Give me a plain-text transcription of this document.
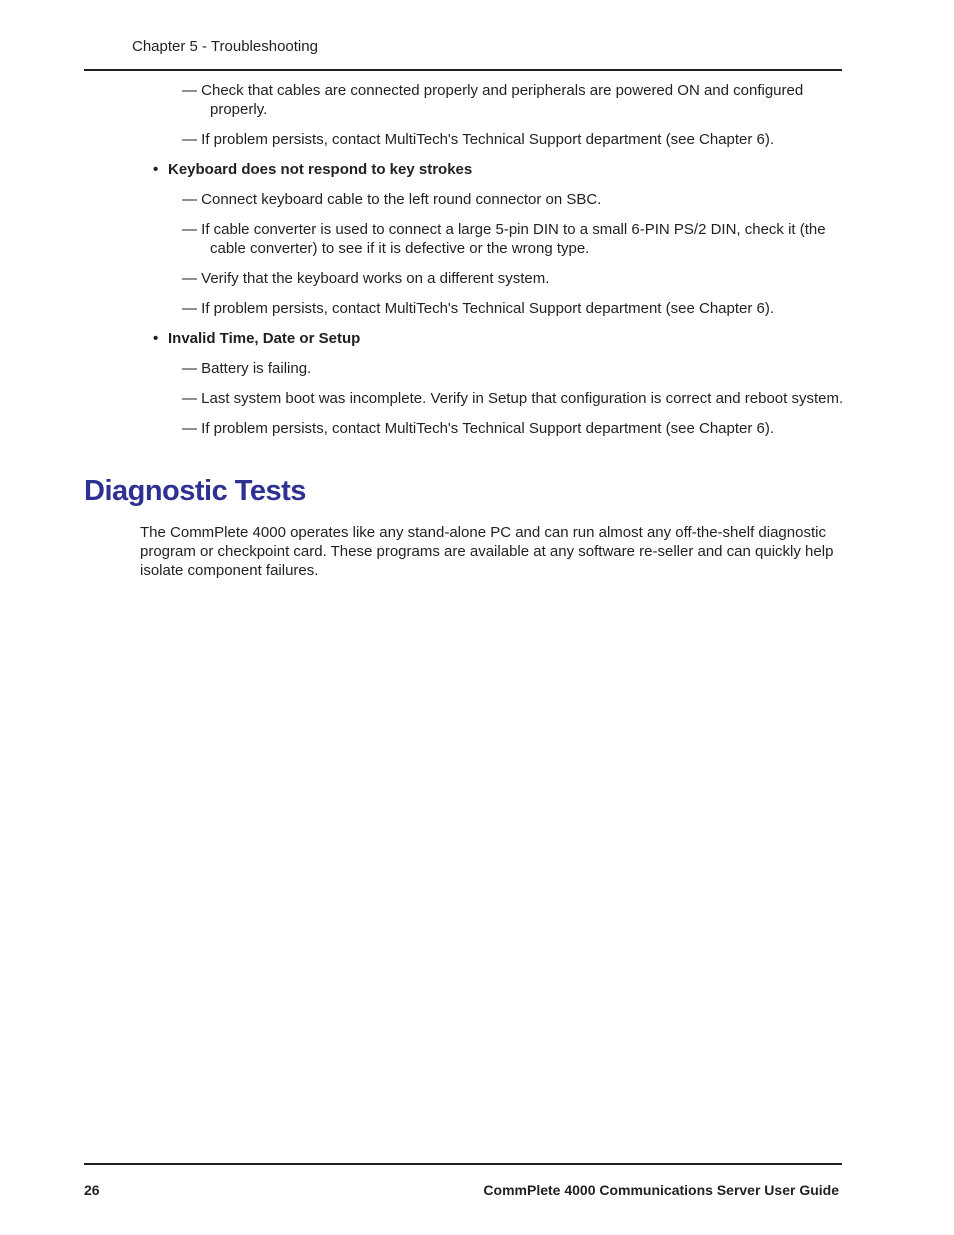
Chapter 5 - Troubleshooting
— Check that cables are connected properly and peripherals are powered ON and configured properly.
— If problem persists, contact MultiTech's Technical Support department (see Chapter 6).
• Keyboard does not respond to key strokes
— Connect keyboard cable to the left round connector on SBC.
— If cable converter is used to connect a large 5-pin DIN to a small 6-PIN PS/2 DIN, check it (the cable converter) to see if it is defective or the wrong type.
— Verify that the keyboard works on a different system.
— If problem persists, contact MultiTech's Technical Support department (see Chapter 6).
• Invalid Time, Date or Setup
— Battery is failing.
— Last system boot was incomplete. Verify in Setup that configuration is correct and reboot system.
— If problem persists, contact MultiTech's Technical Support department (see Chapter 6).
Diagnostic Tests
The CommPlete 4000 operates like any stand-alone PC and can run almost any off-the-shelf diagnostic program or checkpoint card. These programs are available at any software re-seller and can quickly help isolate component failures.
26	CommPlete 4000 Communications Server User Guide
